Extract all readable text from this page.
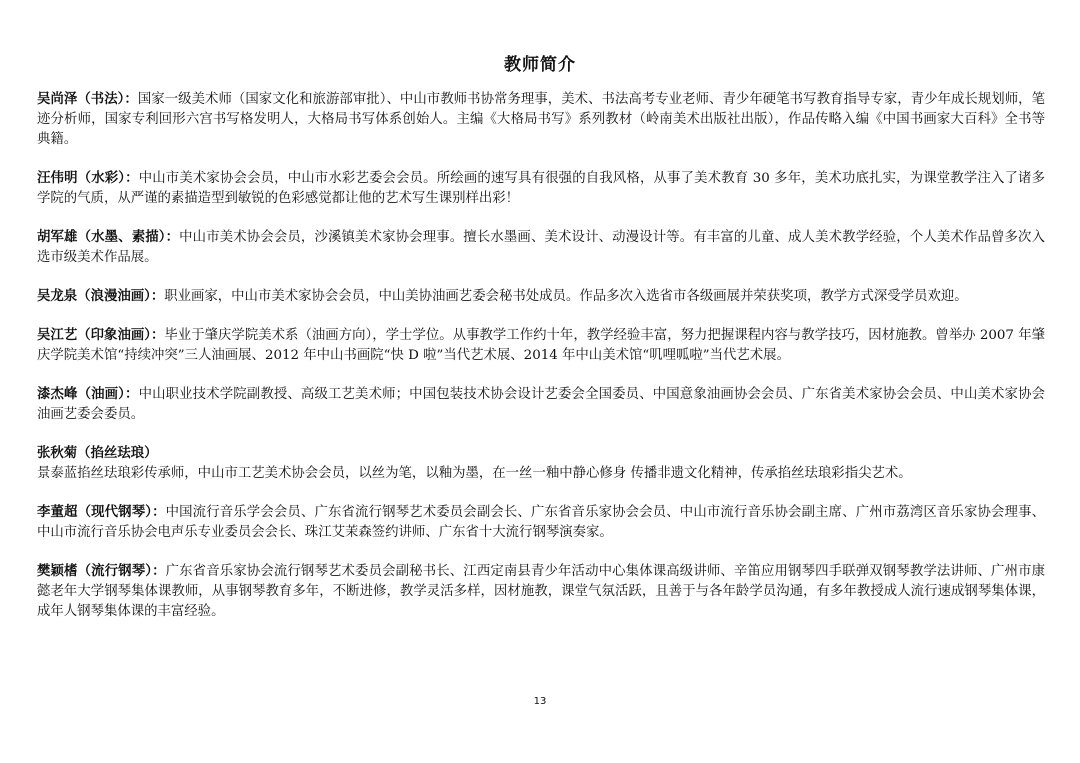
教师简介
吴尚泽（书法）：国家一级美术师（国家文化和旅游部审批）、中山市教师书协常务理事，美术、书法高考专业老师、青少年硬笔书写教育指导专家，青少年成长规划师，笔迹分析师，国家专利回形六宫书写格发明人，大格局书写体系创始人。主编《大格局书写》系列教材（岭南美术出版社出版），作品传略入编《中国书画家大百科》全书等典籍。
汪伟明（水彩）：中山市美术家协会会员，中山市水彩艺委会会员。所绘画的速写具有很强的自我风格，从事了美术教育 30 多年，美术功底扎实，为课堂教学注入了诸多学院的气质，从严谨的素描造型到敏锐的色彩感觉都让他的艺术写生课别样出彩！
胡军雄（水墨、素描）：中山市美术协会会员，沙溪镇美术家协会理事。擅长水墨画、美术设计、动漫设计等。有丰富的儿童、成人美术教学经验，个人美术作品曾多次入选市级美术作品展。
吴龙泉（浪漫油画）：职业画家，中山市美术家协会会员，中山美协油画艺委会秘书处成员。作品多次入选省市各级画展并荣获奖项，教学方式深受学员欢迎。
吴江艺（印象油画）：毕业于肇庆学院美术系（油画方向），学士学位。从事教学工作约十年，教学经验丰富，努力把握课程内容与教学技巧，因材施教。曾举办 2007 年肇庆学院美术馆“持续冲突”三人油画展、2012 年中山书画院“快 D 啦”当代艺术展、2014 年中山美术馆“叽哩呱啦”当代艺术展。
漆杰峰（油画）：中山职业技术学院副教授、高级工艺美术师；中国包装技术协会设计艺委会全国委员、中国意象油画协会会员、广东省美术家协会会员、中山美术家协会油画艺委会委员。
张秋菊（掐丝珐琅）
景泰蓝掐丝珐琅彩传承师，中山市工艺美术协会会员，以丝为笔，以釉为墨，在一丝一釉中静心修身 传播非遗文化精神，传承掐丝珐琅彩指尖艺术。
李董超（现代钢琴）：中国流行音乐学会会员、广东省流行钢琴艺术委员会副会长、广东省音乐家协会会员、中山市流行音乐协会副主席、广州市荔湾区音乐家协会理事、中山市流行音乐协会电声乐专业委员会会长、珠江艾茉森签约讲师、广东省十大流行钢琴演奏家。
樊颖榰（流行钢琴）：广东省音乐家协会流行钢琴艺术委员会副秘书长、江西定南县青少年活动中心集体课高级讲师、辛笛应用钢琴四手联弹双钢琴教学法讲师、广州市康懿老年大学钢琴集体课教师，从事钢琴教育多年，不断进修，教学灵活多样，因材施教，课堂气氛活跃，且善于与各年龄学员沟通，有多年教授成人流行速成钢琴集体课，成年人钢琴集体课的丰富经验。
13
